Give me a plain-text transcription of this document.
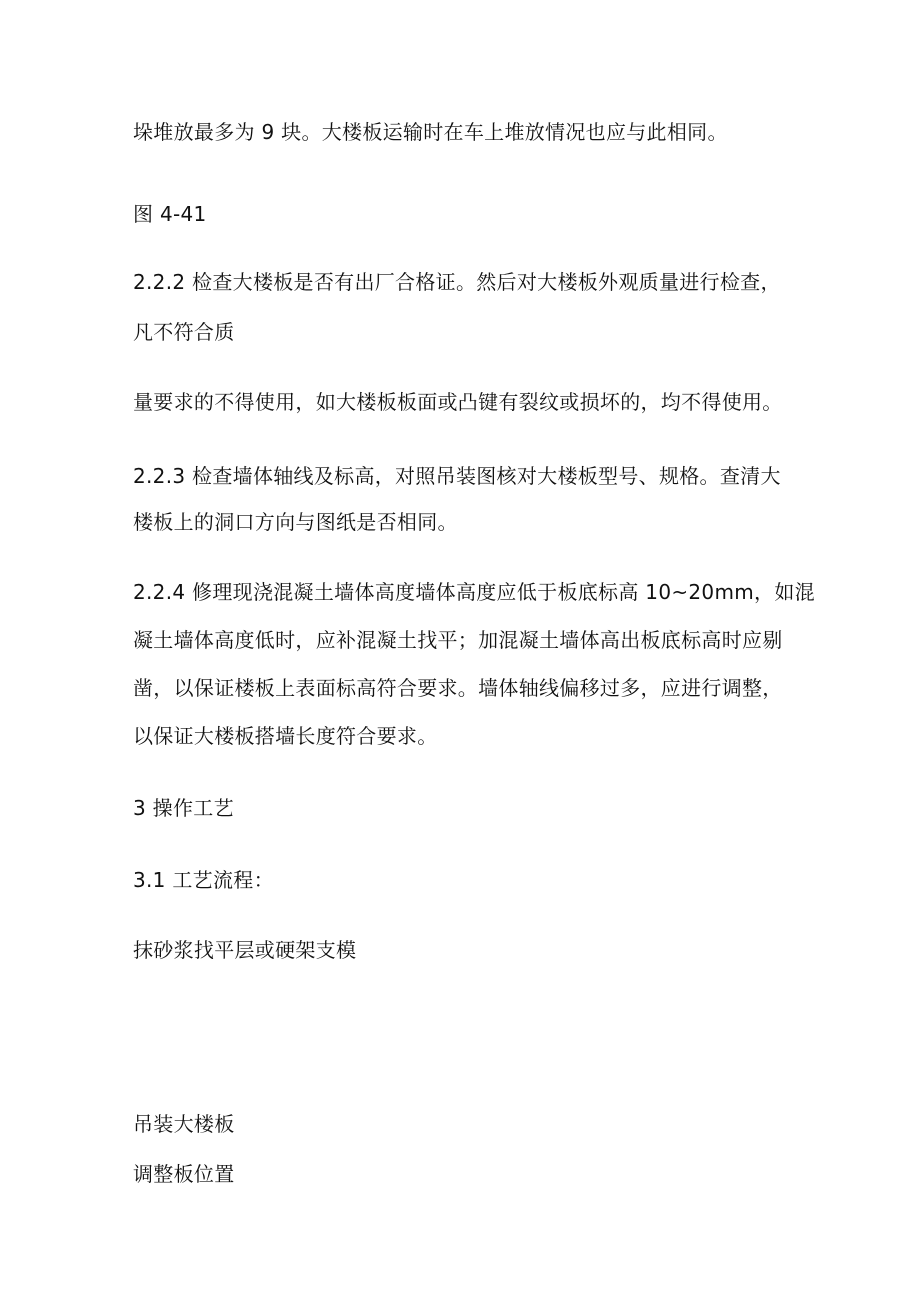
垛堆放最多为 9 块。大楼板运输时在车上堆放情况也应与此相同。
图 4-41
2.2.2 检查大楼板是否有出厂合格证。然后对大楼板外观质量进行检查，
凡不符合质
量要求的不得使用，如大楼板板面或凸键有裂纹或损坏的，均不得使用。
2.2.3 检查墙体轴线及标高，对照吊装图核对大楼板型号、规格。查清大
楼板上的洞口方向与图纸是否相同。
2.2.4 修理现浇混凝土墙体高度墙体高度应低于板底标高 10~20mm，如混
凝土墙体高度低时，应补混凝土找平；加混凝土墙体高出板底标高时应剔
凿，以保证楼板上表面标高符合要求。墙体轴线偏移过多，应进行调整，
以保证大楼板搭墙长度符合要求。
3 操作工艺
3.1 工艺流程：
抹砂浆找平层或硬架支模
吊装大楼板
调整板位置
